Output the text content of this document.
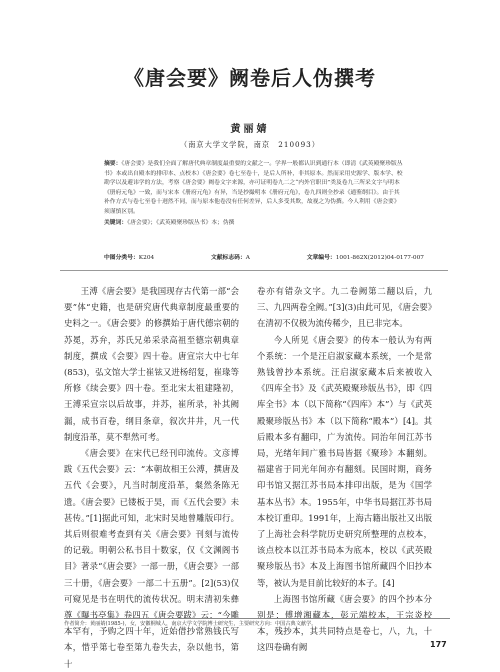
《唐会要》阙卷后人伪撰考
黄丽婧
（南京大学文学院，南京　210093）
摘要：《唐会要》是我们全面了解唐代典章制度最重要的文献之一。学界一般都认识到通行本（即清《武英殿聚珍版丛书》本或出自殿本的排印本、点校本）《唐会要》卷七至卷十，是后人所补，非其原本。然而采用史源学、版本学、校勘学以及避讳学的方法，考察《唐会要》阙卷文字来源，亦可证明卷九二之“内外官职田”类及卷九三所采文字与明本《册府元龟》一致，而与宋本《册府元龟》有异，当是抄撮明本《册府元龟》，卷九四则全抄录《通鉴纲目》。由于其补作方式与卷七至卷十迥然不同，而与原本他卷没有任何差异，后人多受其欺，故视之为伪撰。今人利用《唐会要》须谨慎区别。
关键词：《唐会要》；《武英殿聚珍版丛书》本；伪撰
中图分类号：K204	文献标志码：A	文章编号：1001-862X(2012)04-0177-007

王溥《唐会要》是我国现存古代第一部“会要”体“史籍，也是研究唐代典章制度最重要的史料之一。《唐会要》的修撰始于唐代德宗朝的苏冕，苏弁，苏氏兄弟采录高祖至德宗朝典章制度，撰成《会要》四十卷。唐宣宗大中七年(853)，弘文馆大学士崔铉又进杨绍复，崔瑑等所修《续会要》四十卷。至北宋太祖建隆初，王溥采宣宗以后故事，并苏，崔所录，补其阙漏，成书百卷，纲目条章，叙次井井，凡一代制度沿革，莫不犁然可考。

《唐会要》在宋代已经刊印流传。文彦博跋《五代会要》云：“本朝故相王公溥，撰唐及五代《会要》，凡当时制度沿革，粲然条陈无遗。《唐会要》已镂板于昊，而《五代会要》未甚传。”[1]据此可知，北宋时吴地曾雕版印行。其后则很难考查到有关《唐会要》刊刻与流传的记载。明朝公私书目十数家，仅《文渊阁书目》著录“《唐会要》一部一册，《唐会要》一部三十册，《唐会要》一部二十五册”。[2](53)仅可窥见是书在明代的流传状况。明末清初朱彝尊《曝书亭集》卷四五《唐会要跋》云：“今雕本罕有，予购之四十年，近始借抄常熟钱氏写本，惜乎第七卷至第九卷失去，杂以他书，第十

卷亦有错杂文字。九二卷阙第二翻以后，九三、九四两卷全阙。”[3](3)由此可见，《唐会要》在清初不仅极为流传稀少，且已非完本。

今人所见《唐会要》的传本一般认为有两个系统：一个是汪启淑家藏本系统，一个是常熟钱曾抄本系统。汪启淑家藏本后来被收入《四库全书》及《武英殿聚珍版丛书》，即《四库全书》本（以下简称“《四库》本”）与《武英殿聚珍版丛书》本（以下简称“殿本”）[4]。其后殿本多有翻印，广为流传。同治年间江苏书局，光绪年间广雅书局皆据《聚珍》本翻刻。福建省于同光年间亦有翻刻。民国时期，商务印书馆又据江苏书局本排印出版，是为《国学基本丛书》本。1955年，中华书局据江苏书局本校订重印。1991年，上海古籍出版社又出版了上海社会科学院历史研究所整理的点校本，该点校本以江苏书局本为底本，校以《武英殿聚珍版丛书》本及上海图书馆所藏四个旧抄本等，被认为是目前比较好的本子。[4]

上海图书馆所藏《唐会要》的四个抄本分别是：傅增湘藏本，彭元端校本，王宗炎校本，残抄本，其共同特点是卷七，八，九，十这四卷确有阙

作者简介：黄丽婧(1985-)，女，安徽桐城人，南京大学文学院博士研究生，主要研究方向：中国古典文献学。
177
